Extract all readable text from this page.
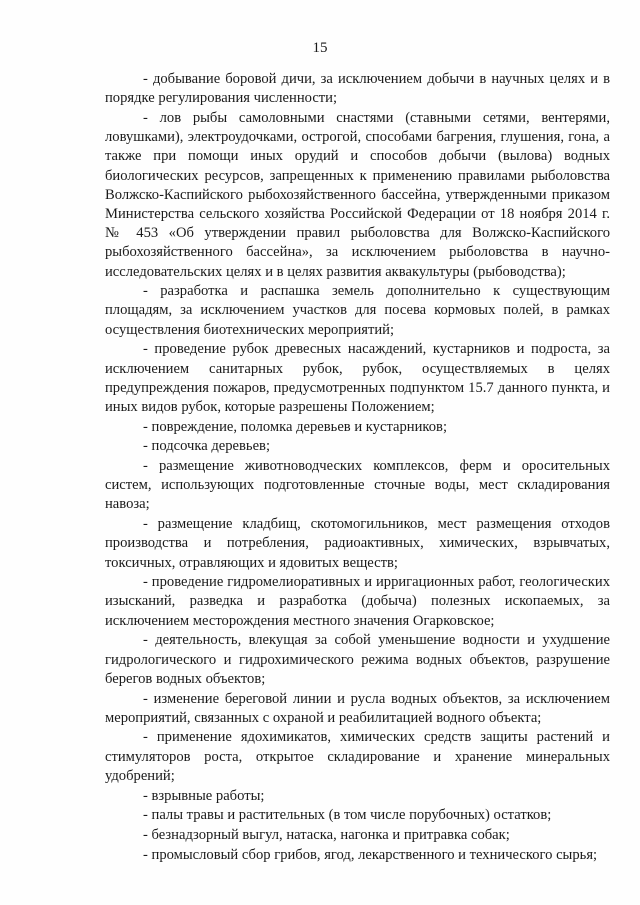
15

- добывание боровой дичи, за исключением добычи в научных целях и в порядке регулирования численности;

- лов рыбы самоловными снастями (ставными сетями, вентерями, ловушками), электроудочками, острогой, способами багрения, глушения, гона, а также при помощи иных орудий и способов добычи (вылова) водных биологических ресурсов, запрещенных к применению правилами рыболовства Волжско-Каспийского рыбохозяйственного бассейна, утвержденными приказом Министерства сельского хозяйства Российской Федерации от 18 ноября 2014 г. № 453 «Об утверждении правил рыболовства для Волжско-Каспийского рыбохозяйственного бассейна», за исключением рыболовства в научно-исследовательских целях и в целях развития аквакультуры (рыбоводства);

- разработка и распашка земель дополнительно к существующим площадям, за исключением участков для посева кормовых полей, в рамках осуществления биотехнических мероприятий;

- проведение рубок древесных насаждений, кустарников и подроста, за исключением санитарных рубок, рубок, осуществляемых в целях предупреждения пожаров, предусмотренных подпунктом 15.7 данного пункта, и иных видов рубок, которые разрешены Положением;

- повреждение, поломка деревьев и кустарников;

- подсочка деревьев;

- размещение животноводческих комплексов, ферм и оросительных систем, использующих подготовленные сточные воды, мест складирования навоза;

- размещение кладбищ, скотомогильников, мест размещения отходов производства и потребления, радиоактивных, химических, взрывчатых, токсичных, отравляющих и ядовитых веществ;

- проведение гидромелиоративных и ирригационных работ, геологических изысканий, разведка и разработка (добыча) полезных ископаемых, за исключением месторождения местного значения Огарковское;

- деятельность, влекущая за собой уменьшение водности и ухудшение гидрологического и гидрохимического режима водных объектов, разрушение берегов водных объектов;

- изменение береговой линии и русла водных объектов, за исключением мероприятий, связанных с охраной и реабилитацией водного объекта;

- применение ядохимикатов, химических средств защиты растений и стимуляторов роста, открытое складирование и хранение минеральных удобрений;

- взрывные работы;

- палы травы и растительных (в том числе порубочных) остатков;

- безнадзорный выгул, натаска, нагонка и притравка собак;

- промысловый сбор грибов, ягод, лекарственного и технического сырья;
